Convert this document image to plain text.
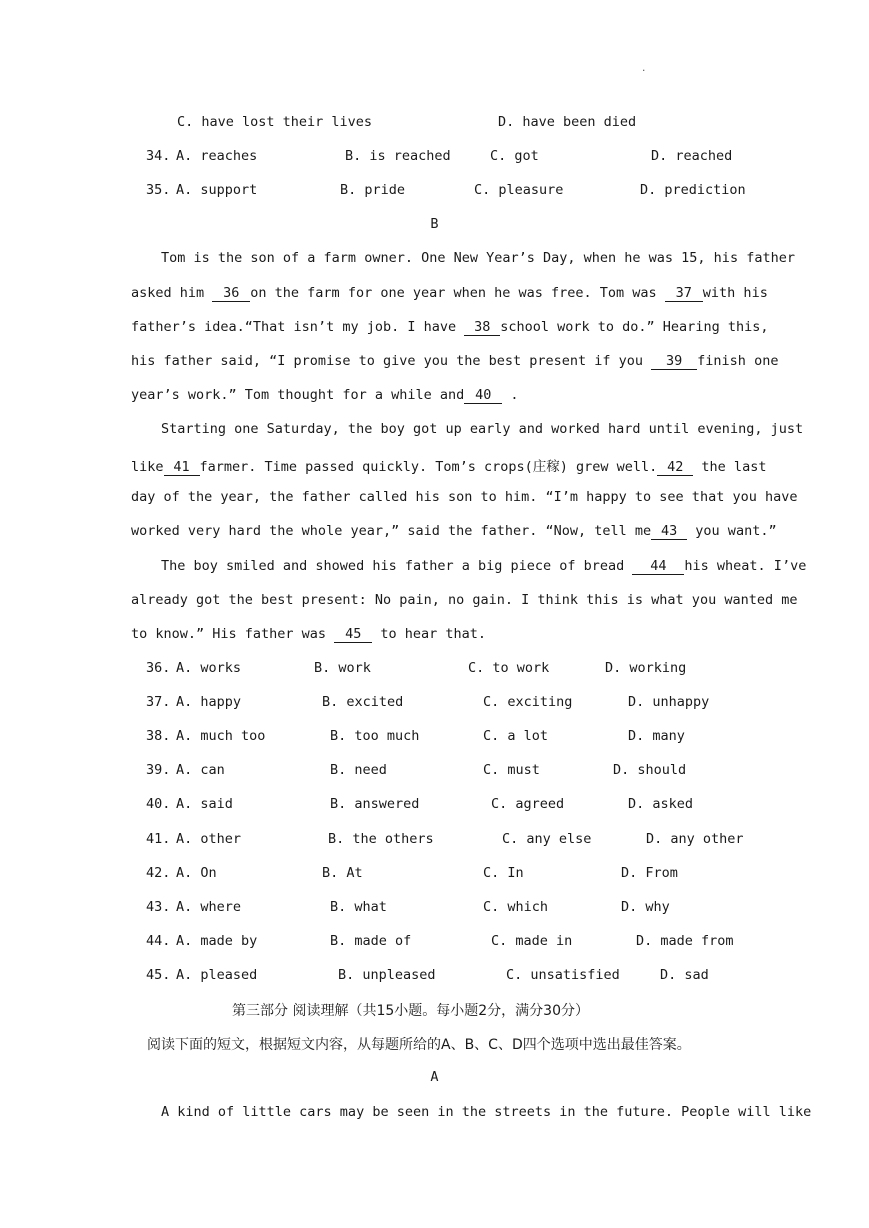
.
C. have lost their lives	D. have been died
34. A. reaches	B. is reached	C. got	D. reached
35. A. support	B. pride	C. pleasure	D. prediction
B
Tom is the son of a farm owner. One New Year’s Day, when he was 15, his father
asked him 36 on the farm for one year when he was free. Tom was 37 with his
father’s idea.“That isn’t my job. I have 38 school work to do.” Hearing this,
his father said, “I promise to give you the best present if you 39 finish one
year’s work.” Tom thought for a while and 40 .
Starting one Saturday, the boy got up early and worked hard until evening, just
like 41 farmer. Time passed quickly. Tom’s crops(庄稼) grew well. 42 the last
day of the year, the father called his son to him. “I’m happy to see that you have
worked very hard the whole year,” said the father. “Now, tell me 43 you want.”
The boy smiled and showed his father a big piece of bread 44 his wheat. I’ve
already got the best present: No pain, no gain. I think this is what you wanted me
to know.” His father was 45 to hear that.
36. A. works	B. work	C. to work	D. working
37. A. happy	B. excited	C. exciting	D. unhappy
38. A. much too	B. too much	C. a lot	D. many
39. A. can	B. need	C. must	D. should
40. A. said	B. answered	C. agreed	D. asked
41. A. other	B. the others	C. any else	D. any other
42. A. On	B. At	C. In	D. From
43. A. where	B. what	C. which	D. why
44. A. made by	B. made of	C. made in	D. made from
45. A. pleased	B. unpleased	C. unsatisfied	D. sad
第三部分 阅读理解（共15小题。每小题2分，满分30分）
阅读下面的短文，根据短文内容，从每题所给的A、B、C、D四个选项中选出最佳答案。
A
A kind of little cars may be seen in the streets in the future. People will like
